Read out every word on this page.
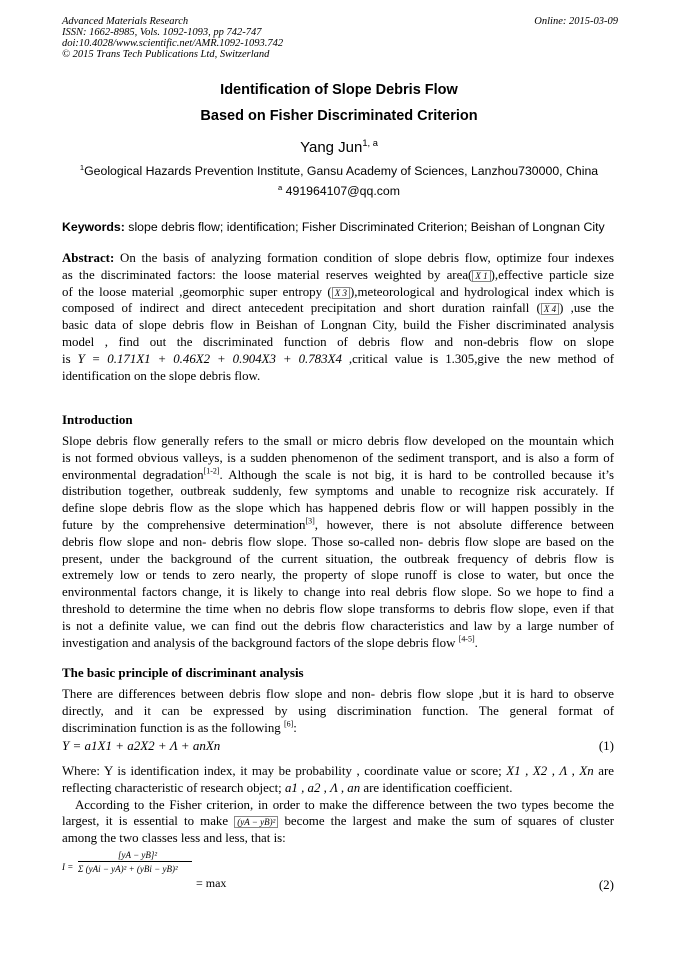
Advanced Materials Research
ISSN: 1662-8985, Vols. 1092-1093, pp 742-747
doi:10.4028/www.scientific.net/AMR.1092-1093.742
© 2015 Trans Tech Publications Ltd, Switzerland
Online: 2015-03-09
Identification of Slope Debris Flow
Based on Fisher Discriminated Criterion
Yang Jun$^{1, a}$
$^1$Geological Hazards Prevention Institute, Gansu Academy of Sciences, Lanzhou730000, China
$^a$ 491964107@qq.com
Keywords: slope debris flow; identification; Fisher Discriminated Criterion; Beishan of Longnan City
Abstract: On the basis of analyzing formation condition of slope debris flow, optimize four indexes
as the discriminated factors: the loose material reserves weighted by area( X 1 ),effective particle size
of the loose material ,geomorphic super entropy ( X 3 ),meteorological and hydrological index which is
composed of indirect and direct antecedent precipitation and short duration rainfall ( X 4 ) ,use the
basic data of slope debris flow in Beishan of Longnan City, build the Fisher discriminated analysis
model , find out the discriminated function of debris flow and non-debris flow on slope
is Y = 0.171X1 + 0.46X2 + 0.904X3 + 0.783X4 ,critical value is 1.305,give the new method of
identification on the slope debris flow.
Introduction
Slope debris flow generally refers to the small or micro debris flow developed on the mountain which
is not formed obvious valleys, is a sudden phenomenon of the sediment transport, and is also a form of
environmental degradation[1-2]. Although the scale is not big, it is hard to be controlled because it’s
distribution together, outbreak suddenly, few symptoms and unable to recognize risk accurately. If
define slope debris flow as the slope which has happened debris flow or will happen possibly in the
future by the comprehensive determination[3], however, there is not absolute difference between
debris flow slope and non- debris flow slope. Those so-called non- debris flow slope are based on the
present, under the background of the current situation, the outbreak frequency of debris flow is
extremely low or tends to zero nearly, the property of slope runoff is close to water, but once the
environmental factors change, it is likely to change into real debris flow slope. So we hope to find a
threshold to determine the time when no debris flow slope transforms to debris flow slope, even if that
is not a definite value, we can find out the debris flow characteristics and law by a large number of
investigation and analysis of the background factors of the slope debris flow [4-5].
The basic principle of discriminant analysis
There are differences between debris flow slope and non- debris flow slope ,but it is hard to observe
directly, and it can be expressed by using discrimination function. The general format of
discrimination function is as the following [6]:
Y = a1X1 + a2X2 + Λ + anXn	(1)
Where: Y is identification index, it may be probability , coordinate value or score; X1 , X2 , Λ , Xn are
reflecting characteristic of research object; a1 , a2 , Λ , an are identification coefficient.
According to the Fisher criterion, in order to make the difference between the two types become the
largest, it is essential to make (yA − yB)² become the largest and make the sum of squares of cluster
among the two classes less and less, that is:
I =
[yA − yB]²
Σ (yAi − yA)² + (yBi − yB)²
= max	(2)
